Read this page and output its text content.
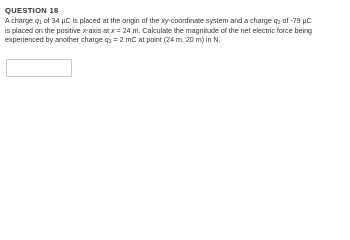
QUESTION 18
A charge $q_1$ of 34 µC is placed at the origin of the xy-coordinate system and a charge $q_2$ of -79 µC
is placed on the positive x-axis at x = 24 m. Calculate the magnitude of the net electric force being
experienced by another charge $q_3 = 2$ mC at point (24 m, 20 m) in N.
